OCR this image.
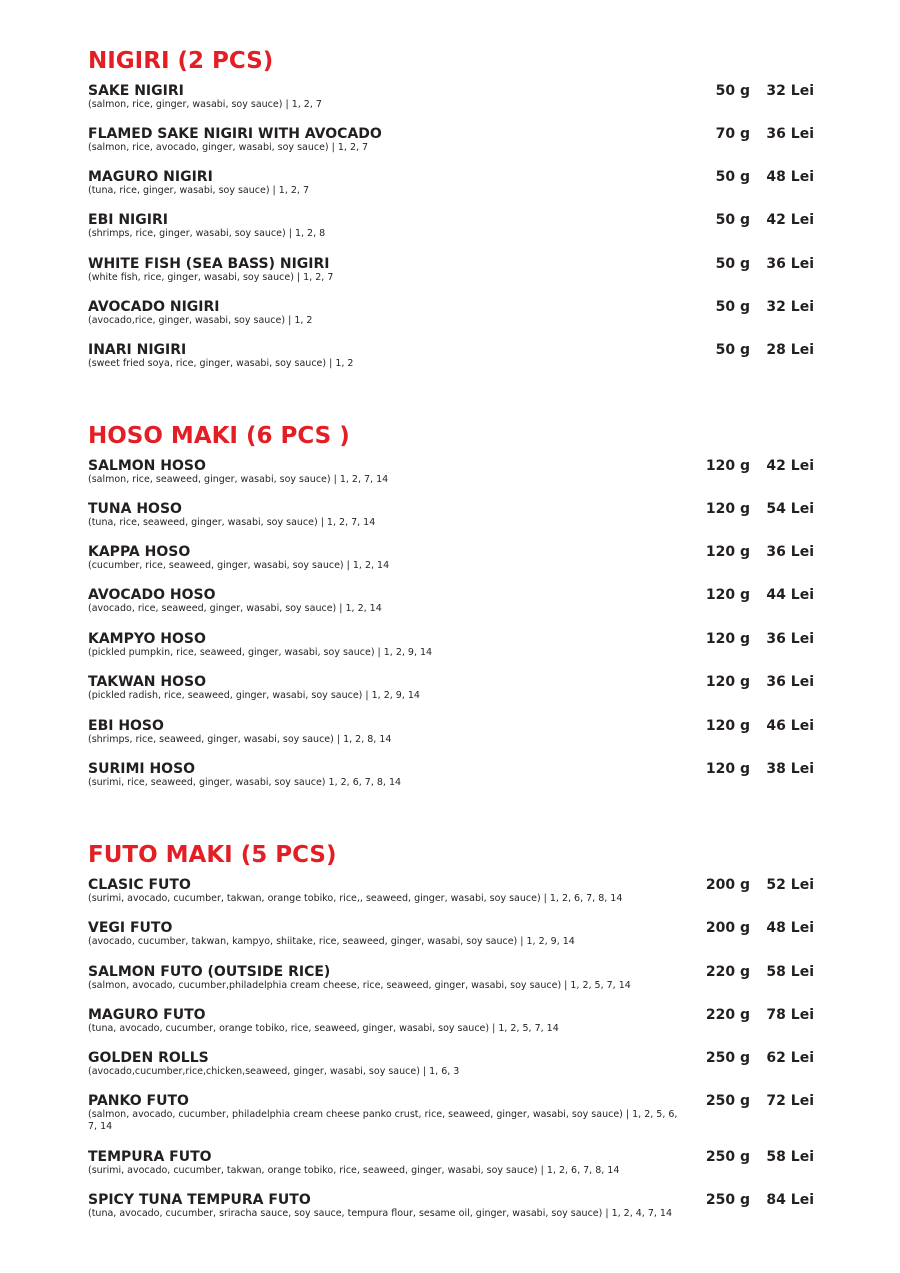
NIGIRI (2 PCS)
SAKE NIGIRI
(salmon, rice, ginger, wasabi, soy sauce) | 1, 2, 7
50 g	32 Lei
FLAMED SAKE NIGIRI WITH AVOCADO
(salmon, rice, avocado, ginger, wasabi, soy sauce) | 1, 2, 7
70 g	36 Lei
MAGURO NIGIRI
(tuna, rice, ginger, wasabi, soy sauce) | 1, 2, 7
50 g	48 Lei
EBI NIGIRI
(shrimps, rice, ginger, wasabi, soy sauce) | 1, 2, 8
50 g	42 Lei
WHITE FISH (SEA BASS) NIGIRI
(white fish, rice, ginger, wasabi, soy sauce) | 1, 2, 7
50 g	36 Lei
AVOCADO NIGIRI
(avocado,rice, ginger, wasabi, soy sauce) | 1, 2
50 g	32 Lei
INARI NIGIRI
(sweet fried soya, rice, ginger, wasabi, soy sauce) | 1, 2
50 g	28 Lei
HOSO MAKI (6 PCS )
SALMON HOSO
(salmon, rice, seaweed, ginger, wasabi, soy sauce) | 1, 2, 7, 14
120 g	42 Lei
TUNA HOSO
(tuna, rice, seaweed, ginger, wasabi, soy sauce) | 1, 2, 7, 14
120 g	54 Lei
KAPPA HOSO
(cucumber, rice, seaweed, ginger, wasabi, soy sauce) | 1, 2, 14
120 g	36 Lei
AVOCADO HOSO
(avocado, rice, seaweed, ginger, wasabi, soy sauce) | 1, 2, 14
120 g	44 Lei
KAMPYO HOSO
(pickled pumpkin, rice, seaweed, ginger, wasabi, soy sauce) | 1, 2, 9, 14
120 g	36 Lei
TAKWAN HOSO
(pickled radish, rice, seaweed, ginger, wasabi, soy sauce) | 1, 2, 9, 14
120 g	36 Lei
EBI HOSO
(shrimps, rice, seaweed, ginger, wasabi, soy sauce) | 1, 2, 8, 14
120 g	46 Lei
SURIMI HOSO
(surimi, rice, seaweed, ginger, wasabi, soy sauce) 1, 2, 6, 7, 8, 14
120 g	38 Lei
FUTO MAKI (5 PCS)
CLASIC FUTO
(surimi, avocado, cucumber, takwan, orange tobiko, rice,, seaweed, ginger, wasabi, soy sauce) | 1, 2, 6, 7, 8, 14
200 g	52 Lei
VEGI FUTO
(avocado, cucumber, takwan, kampyo, shiitake, rice, seaweed, ginger, wasabi, soy sauce) | 1, 2, 9, 14
200 g	48 Lei
SALMON FUTO (OUTSIDE RICE)
(salmon, avocado, cucumber,philadelphia cream cheese, rice, seaweed, ginger, wasabi, soy sauce) | 1, 2, 5, 7, 14
220 g	58 Lei
MAGURO FUTO
(tuna, avocado, cucumber, orange tobiko, rice, seaweed, ginger, wasabi, soy sauce) | 1, 2, 5, 7, 14
220 g	78 Lei
GOLDEN ROLLS
(avocado,cucumber,rice,chicken,seaweed, ginger, wasabi, soy sauce) | 1, 6, 3
250 g	62 Lei
PANKO FUTO
(salmon, avocado, cucumber, philadelphia cream cheese panko crust, rice, seaweed, ginger, wasabi, soy sauce) | 1, 2, 5, 6, 7, 14
250 g	72 Lei
TEMPURA FUTO
(surimi, avocado, cucumber, takwan, orange tobiko, rice, seaweed, ginger, wasabi, soy sauce) | 1, 2, 6, 7, 8, 14
250 g	58 Lei
SPICY TUNA TEMPURA FUTO
(tuna, avocado, cucumber, sriracha sauce, soy sauce, tempura flour, sesame oil, ginger, wasabi, soy sauce) | 1, 2, 4, 7, 14
250 g	84 Lei
